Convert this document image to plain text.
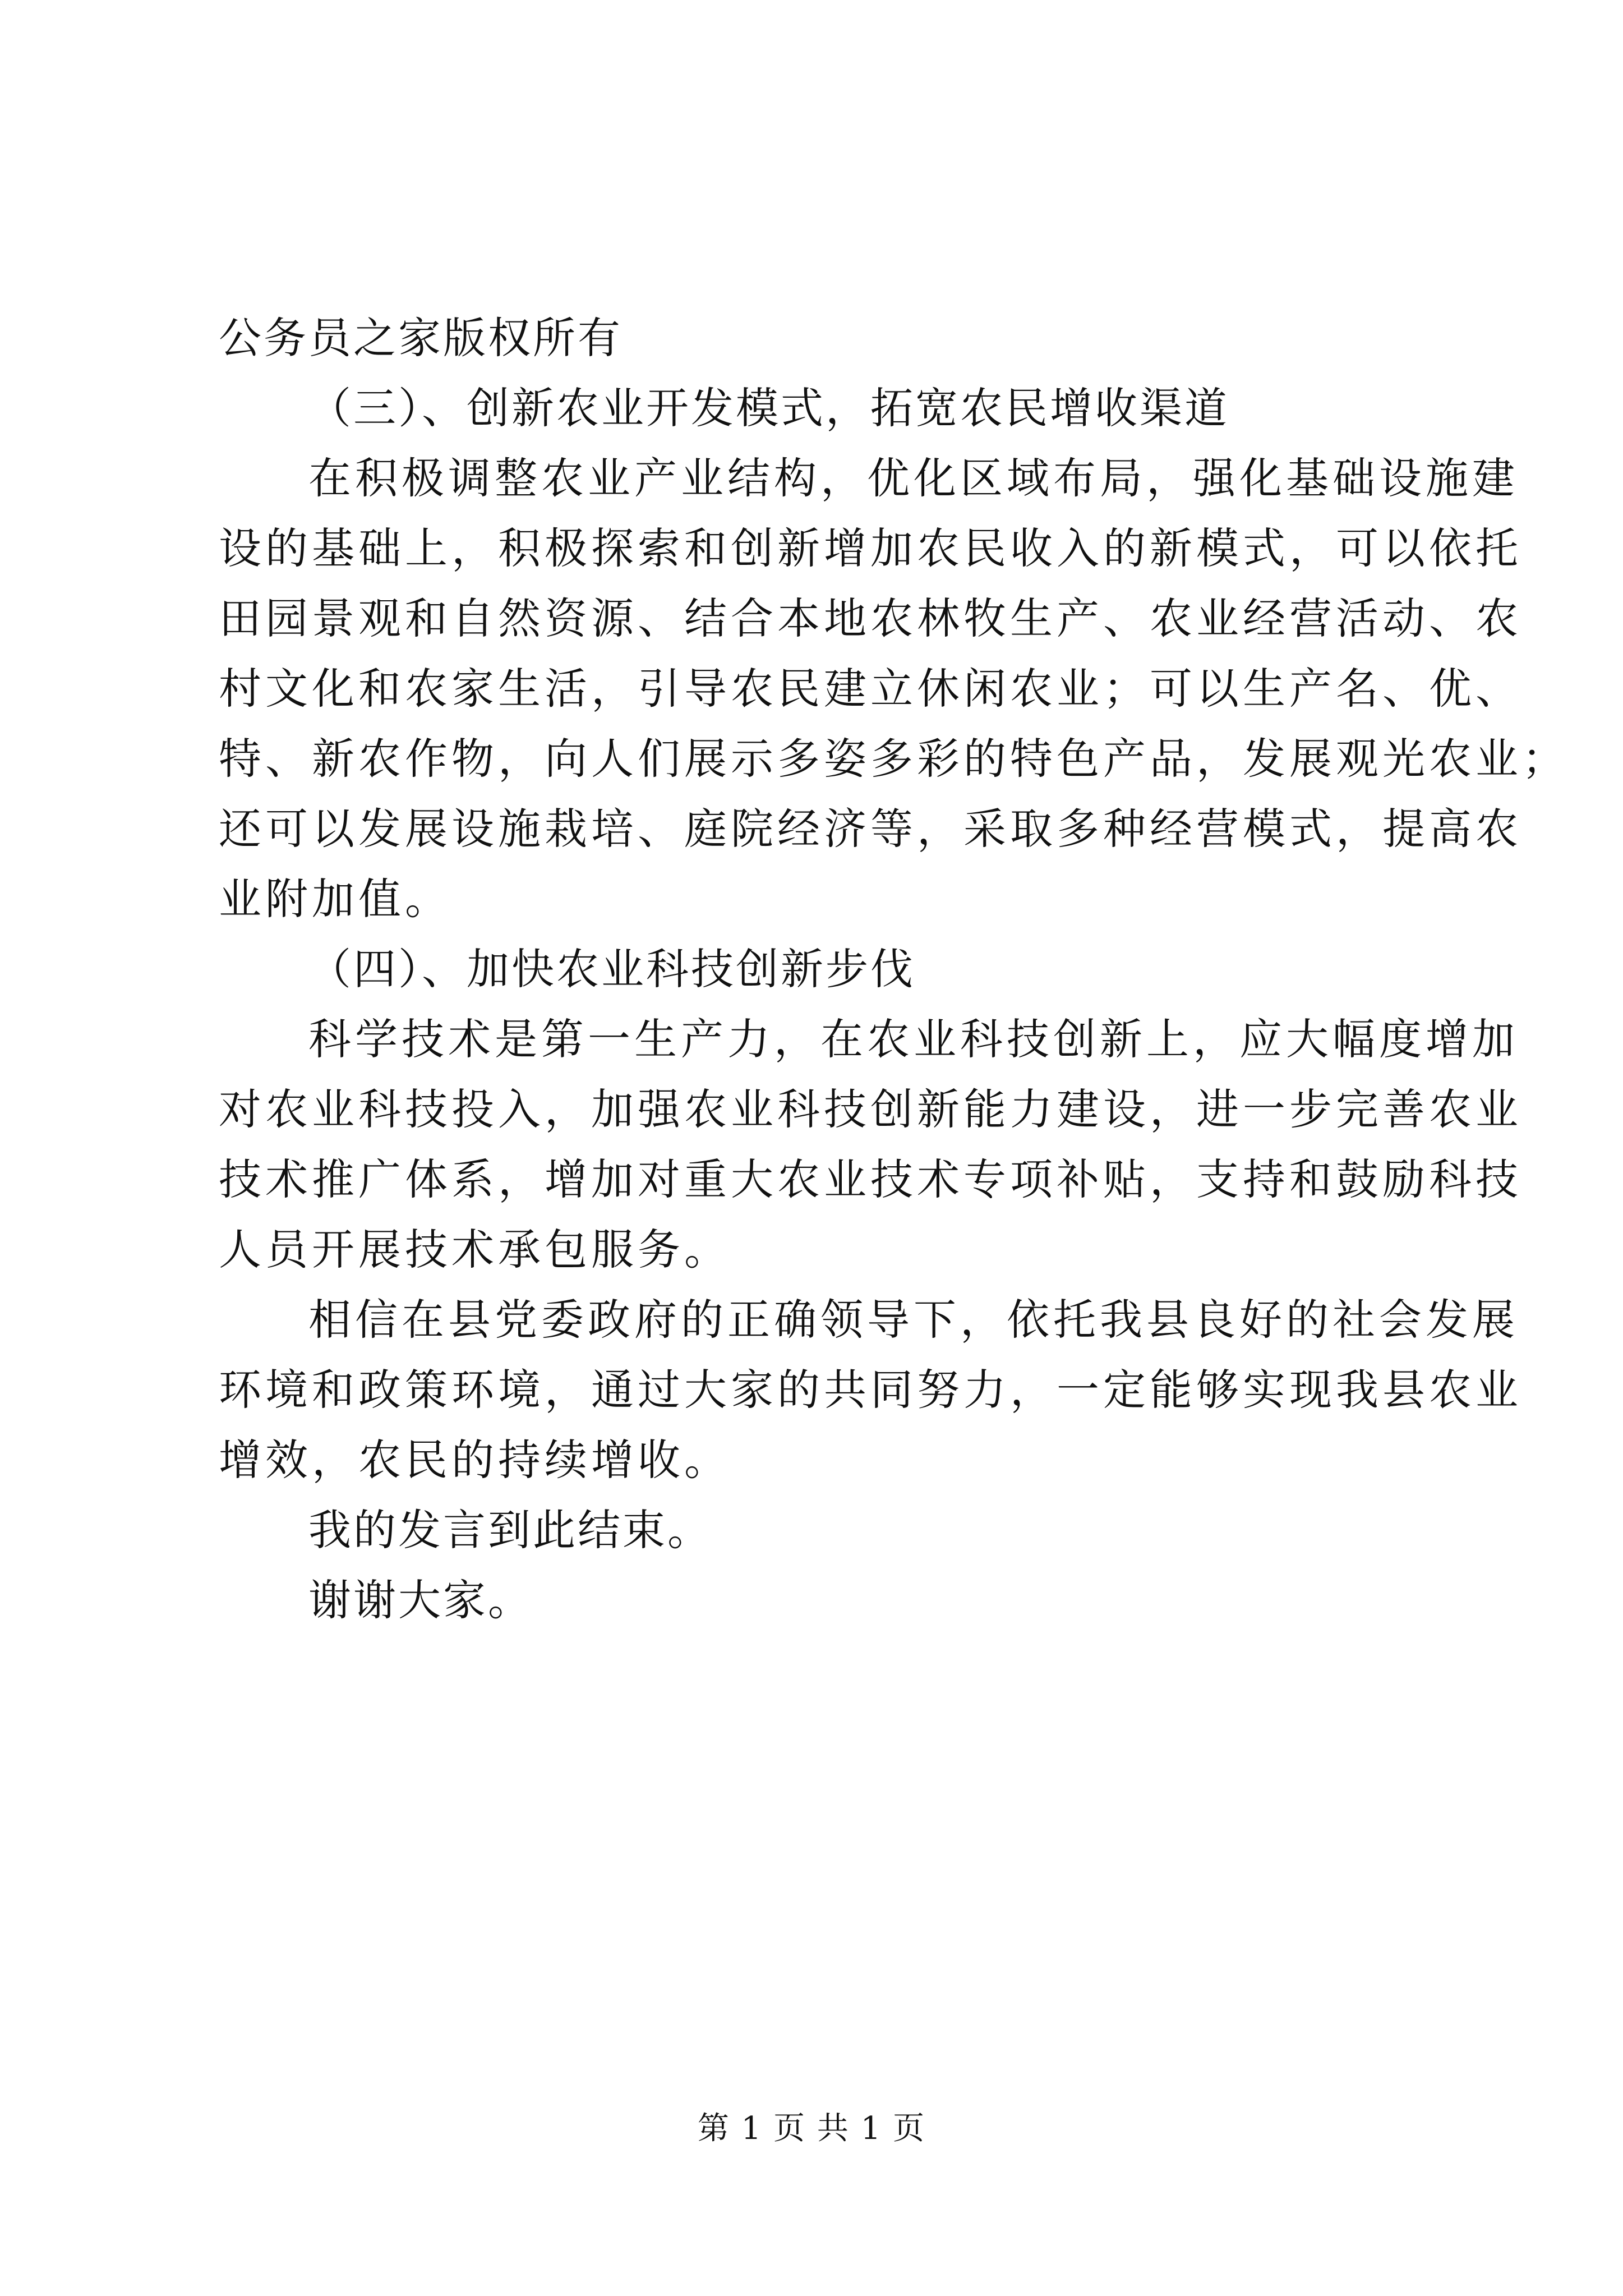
公务员之家版权所有
（三）、创新农业开发模式，拓宽农民增收渠道
在积极调整农业产业结构，优化区域布局，强化基础设施建
设的基础上，积极探索和创新增加农民收入的新模式，可以依托
田园景观和自然资源、结合本地农林牧生产、农业经营活动、农
村文化和农家生活，引导农民建立休闲农业；可以生产名、优、
特、新农作物，向人们展示多姿多彩的特色产品，发展观光农业；
还可以发展设施栽培、庭院经济等，采取多种经营模式，提高农
业附加值。
（四）、加快农业科技创新步伐
科学技术是第一生产力，在农业科技创新上，应大幅度增加
对农业科技投入，加强农业科技创新能力建设，进一步完善农业
技术推广体系，增加对重大农业技术专项补贴，支持和鼓励科技
人员开展技术承包服务。
相信在县党委政府的正确领导下，依托我县良好的社会发展
环境和政策环境，通过大家的共同努力，一定能够实现我县农业
增效，农民的持续增收。
我的发言到此结束。
谢谢大家。
第 1 页 共 1 页
